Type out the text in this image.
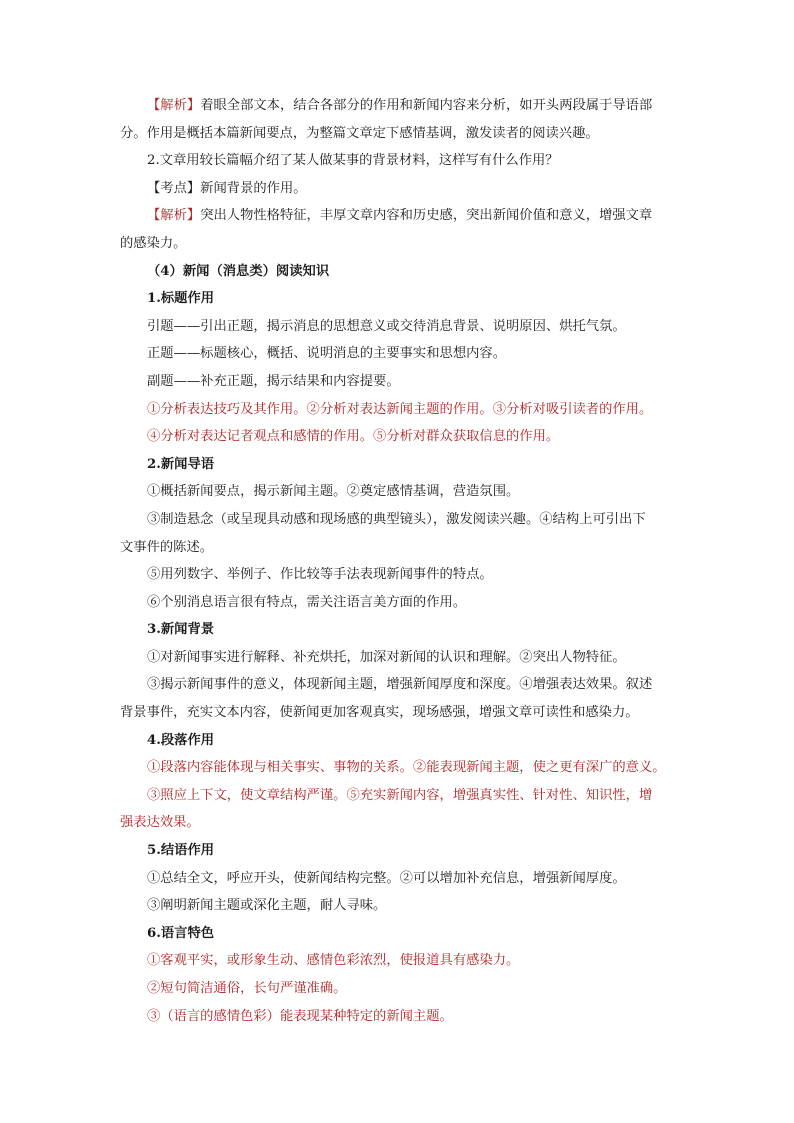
【解析】着眼全部文本，结合各部分的作用和新闻内容来分析，如开头两段属于导语部

分。作用是概括本篇新闻要点，为整篇文章定下感情基调，激发读者的阅读兴趣。

2.文章用较长篇幅介绍了某人做某事的背景材料，这样写有什么作用？

【考点】新闻背景的作用。

【解析】突出人物性格特征，丰厚文章内容和历史感，突出新闻价值和意义，增强文章

的感染力。

（4）新闻（消息类）阅读知识

1.标题作用

引题——引出正题，揭示消息的思想意义或交待消息背景、说明原因、烘托气氛。

正题——标题核心，概括、说明消息的主要事实和思想内容。

副题——补充正题，揭示结果和内容提要。

①分析表达技巧及其作用。②分析对表达新闻主题的作用。③分析对吸引读者的作用。

④分析对表达记者观点和感情的作用。⑤分析对群众获取信息的作用。

2.新闻导语

①概括新闻要点，揭示新闻主题。②奠定感情基调，营造氛围。

③制造悬念（或呈现具动感和现场感的典型镜头），激发阅读兴趣。④结构上可引出下

文事件的陈述。

⑤用列数字、举例子、作比较等手法表现新闻事件的特点。

⑥个别消息语言很有特点，需关注语言美方面的作用。

3.新闻背景

①对新闻事实进行解释、补充烘托，加深对新闻的认识和理解。②突出人物特征。

③揭示新闻事件的意义，体现新闻主题，增强新闻厚度和深度。④增强表达效果。叙述

背景事件，充实文本内容，使新闻更加客观真实，现场感强，增强文章可读性和感染力。

4.段落作用

①段落内容能体现与相关事实、事物的关系。②能表现新闻主题，使之更有深广的意义。

③照应上下文，使文章结构严谨。⑤充实新闻内容，增强真实性、针对性、知识性，增

强表达效果。

5.结语作用

①总结全文，呼应开头，使新闻结构完整。②可以增加补充信息，增强新闻厚度。

③阐明新闻主题或深化主题，耐人寻味。

6.语言特色

①客观平实，或形象生动、感情色彩浓烈，使报道具有感染力。

②短句简洁通俗，长句严谨准确。

③（语言的感情色彩）能表现某种特定的新闻主题。
